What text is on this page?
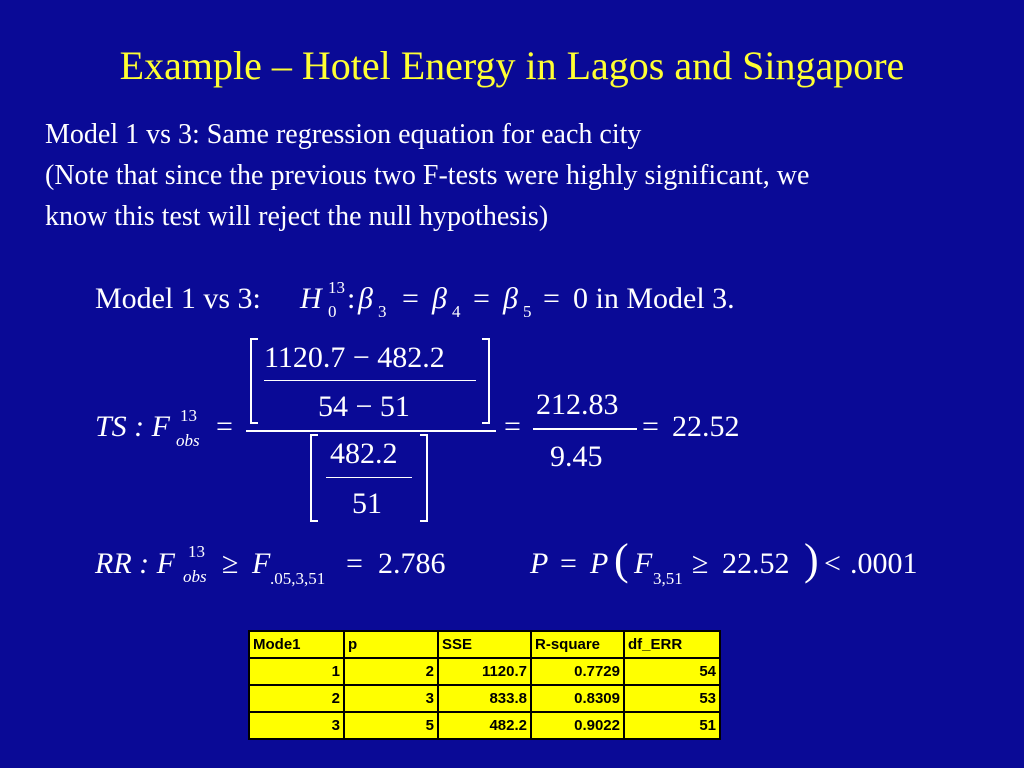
Example – Hotel Energy in Lagos and Singapore
Model 1 vs 3: Same regression equation for each city
(Note that since the previous two F-tests were highly significant, we
know this test will reject the null hypothesis)
Model 1 vs 3: H 13
0 : β 3 = β 4 = β 5 = 0 in Model 3.
TS : F 13
obs =
1120.7 − 482.2
54 − 51
482.2
51
=
212.83
9.45
= 22.52
RR : F 13
obs ≥ F .05,3,51 = 2.786	P = P ( F 3,51 ≥ 22.52 ) < .0001
Mode1	p	SSE	R-square	df_ERR
1	2	1120.7	0.7729	54
2	3	833.8	0.8309	53
3	5	482.2	0.9022	51
